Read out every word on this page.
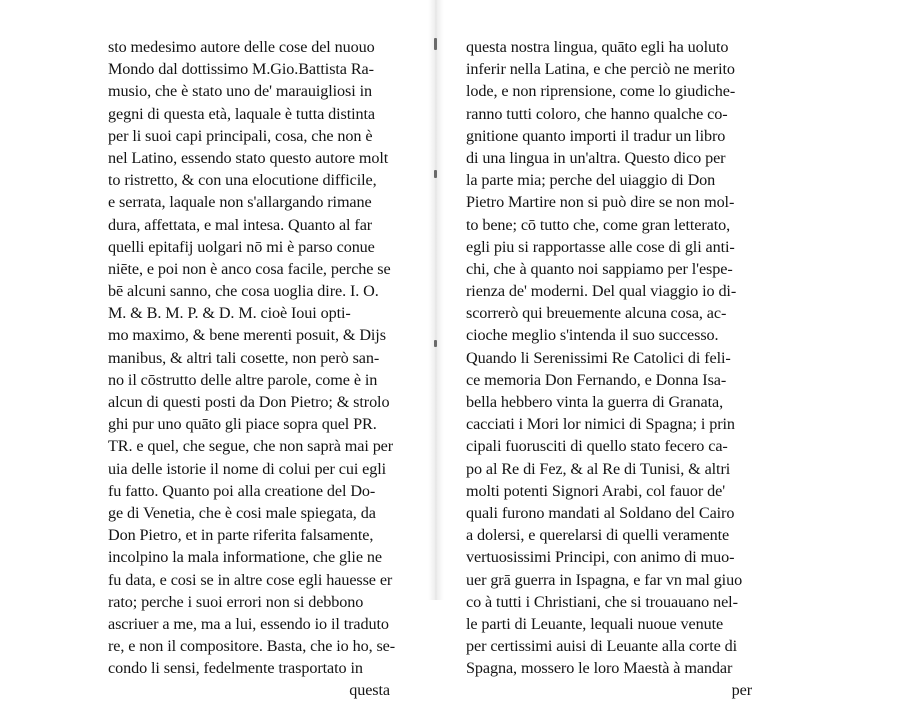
sto medesimo autore delle cose del nuouo
Mondo dal dottissimo M.Gio.Battista Ra-
musio, che è stato uno de' marauigliosi in
gegni di questa età, laquale è tutta distinta
per li suoi capi principali, cosa, che non è
nel Latino, essendo stato questo autore molt
to ristretto, & con una elocutione difficile,
e serrata, laquale non s'allargando rimane
dura, affettata, e mal intesa. Quanto al far
quelli epitafij uolgari nō mi è parso conue
niēte, e poi non è anco cosa facile, perche se
bē alcuni sanno, che cosa uoglia dire. I. O.
M. & B. M. P. & D. M. cioè Ioui opti-
mo maximo, & bene merenti posuit, & Dijs
manibus, & altri tali cosette, non però san-
no il cōstrutto delle altre parole, come è in
alcun di questi posti da Don Pietro; & strolo
ghi pur uno quāto gli piace sopra quel PR.
TR. e quel, che segue, che non saprà mai per
uia delle istorie il nome di colui per cui egli
fu fatto. Quanto poi alla creatione del Do-
ge di Venetia, che è cosi male spiegata, da
Don Pietro, et in parte riferita falsamente,
incolpino la mala informatione, che glie ne
fu data, e cosi se in altre cose egli hauesse er
rato; perche i suoi errori non si debbono
ascriuer a me, ma a lui, essendo io il traduto
re, e non il compositore. Basta, che io ho, se-
condo li sensi, fedelmente trasportato in
questa
questa nostra lingua, quāto egli ha uoluto
inferir nella Latina, e che perciò ne merito
lode, e non riprensione, come lo giudiche-
ranno tutti coloro, che hanno qualche co-
gnitione quanto importi il tradur un libro
di una lingua in un'altra. Questo dico per
la parte mia; perche del uiaggio di Don
Pietro Martire non si può dire se non mol-
to bene; cō tutto che, come gran letterato,
egli piu si rapportasse alle cose di gli anti-
chi, che à quanto noi sappiamo per l'espe-
rienza de' moderni. Del qual viaggio io di-
scorrerò qui breuemente alcuna cosa, ac-
cioche meglio s'intenda il suo successo.
Quando li Serenissimi Re Catolici di feli-
ce memoria Don Fernando, e Donna Isa-
bella hebbero vinta la guerra di Granata,
cacciati i Mori lor nimici di Spagna; i prin
cipali fuorusciti di quello stato fecero ca-
po al Re di Fez, & al Re di Tunisi, & altri
molti potenti Signori Arabi, col fauor de'
quali furono mandati al Soldano del Cairo
a dolersi, e querelarsi di quelli veramente
vertuosissimi Principi, con animo di muo-
uer grā guerra in Ispagna, e far vn mal giuo
co à tutti i Christiani, che si trouauano nel-
le parti di Leuante, lequali nuoue venute
per certissimi auisi di Leuante alla corte di
Spagna, mossero le loro Maestà à mandar
per
